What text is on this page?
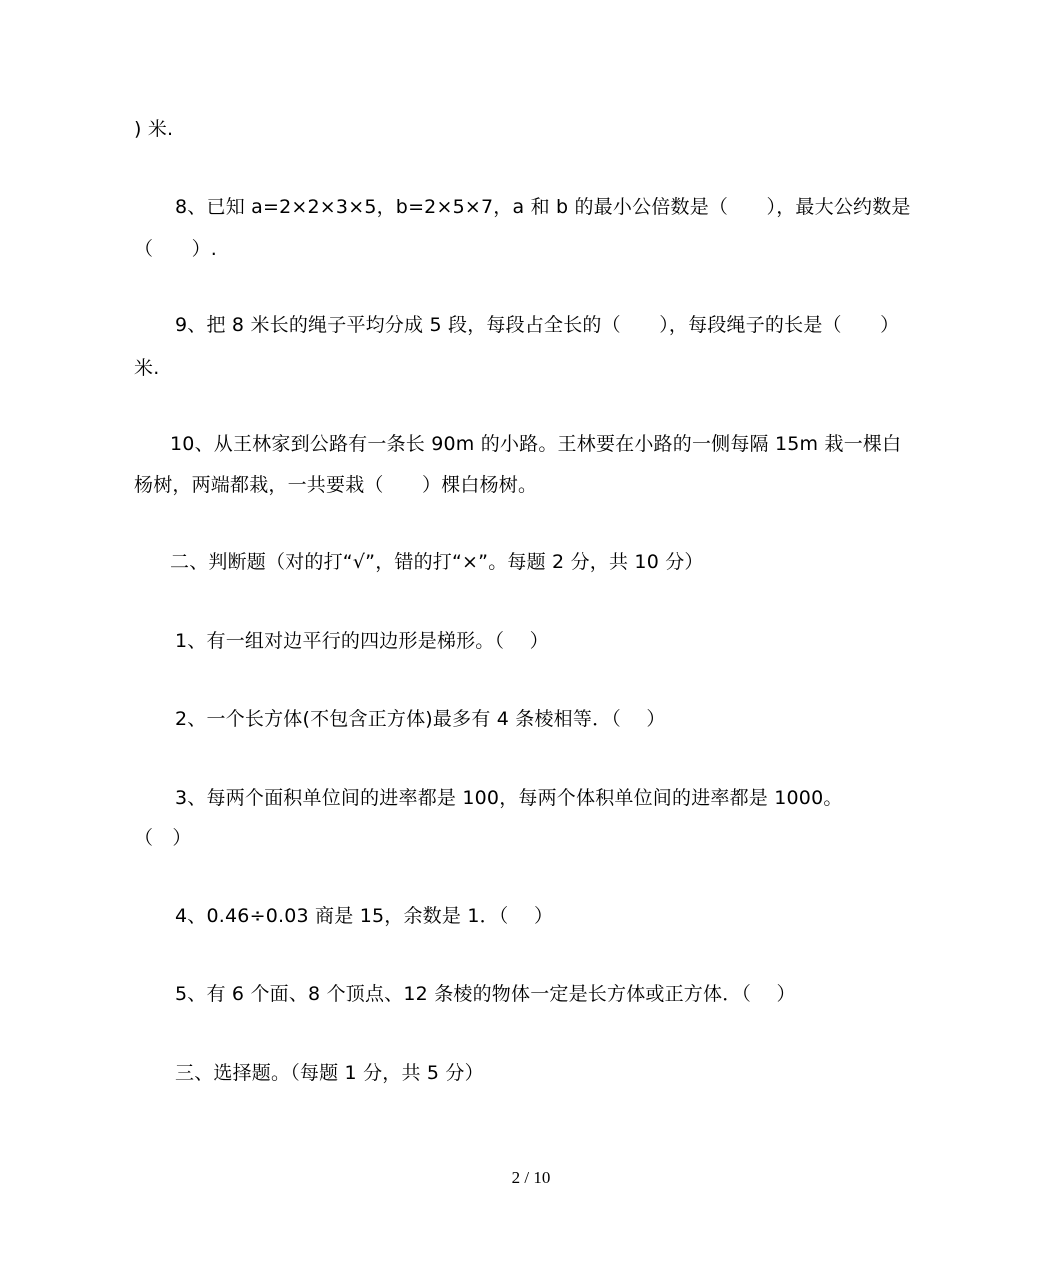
) 米.
8、已知 a=2×2×3×5，b=2×5×7，a 和 b 的最小公倍数是（　　），最大公约数是
（　　）.
9、把 8 米长的绳子平均分成 5 段，每段占全长的（　　），每段绳子的长是（　　）
米.
10、从王林家到公路有一条长 90m 的小路。王林要在小路的一侧每隔 15m 栽一棵白
杨树，两端都栽，一共要栽（　　）棵白杨树。
二、判断题（对的打“√”，错的打“×”。每题 2 分，共 10 分）
1、有一组对边平行的四边形是梯形。（　 ）
2、一个长方体(不包含正方体)最多有 4 条棱相等．（　 ）
3、每两个面积单位间的进率都是 100，每两个体积单位间的进率都是 1000。
（　）
4、0.46÷0.03 商是 15，余数是 1．（　 ）
5、有 6 个面、8 个顶点、12 条棱的物体一定是长方体或正方体．（　 ）
三、选择题。（每题 1 分，共 5 分）
2 / 10
